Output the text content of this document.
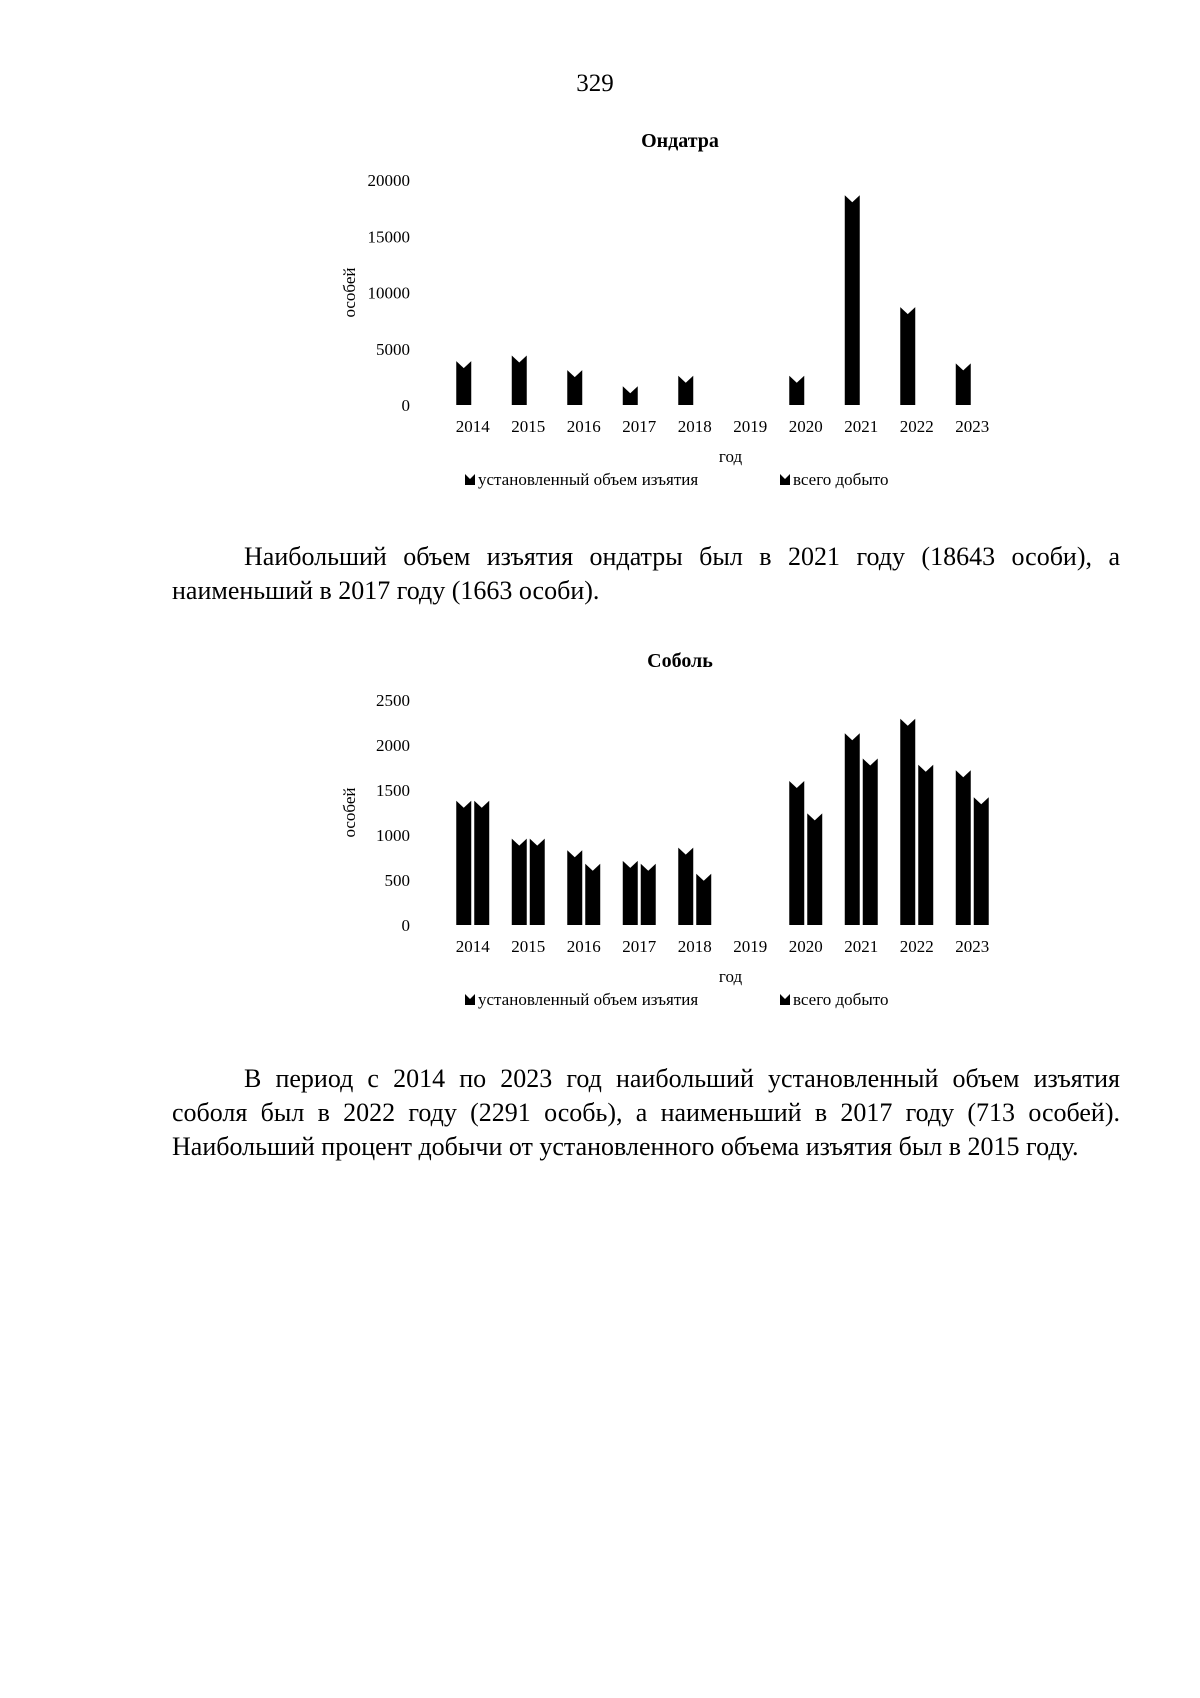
329
Ондатра
0
5000
10000
15000
20000
особей
2014 2015 2016 2017 2018 2019 2020 2021 2022 2023
год
установленный объем изъятия	всего добыто

Наибольший объем изъятия ондатры был в 2021 году (18643 особи), а наименьший в 2017 году (1663 особи).

Соболь
0
500
1000
1500
2000
2500
особей
2014 2015 2016 2017 2018 2019 2020 2021 2022 2023
год
установленный объем изъятия	всего добыто

В период с 2014 по 2023 год наибольший установленный объем изъятия соболя был в 2022 году (2291 особь), а наименьший в 2017 году (713 особей). Наибольший процент добычи от установленного объема изъятия был в 2015 году.
